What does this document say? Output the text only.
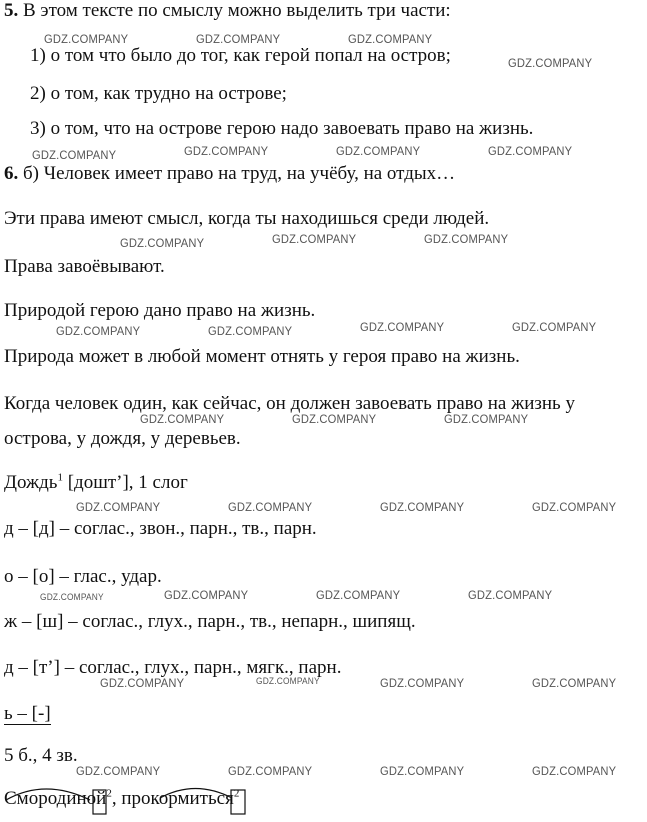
5. В этом тексте по смыслу можно выделить три части:
1) о том что было до тог, как герой попал на остров;
2) о том, как трудно на острове;
3) о том, что на острове герою надо завоевать право на жизнь.
6. б) Человек имеет право на труд, на учёбу, на отдых…
Эти права имеют смысл, когда ты находишься среди людей.
Права завоёвывают.
Природой герою дано право на жизнь.
Природа может в любой момент отнять у героя право на жизнь.
Когда человек один, как сейчас, он должен завоевать право на жизнь у
острова, у дождя, у деревьев.
Дождь$^1$ [дошт’], 1 слог
д – [д] – соглас., звон., парн., тв., парн.
о – [о] – глас., удар.
ж – [ш] – соглас., глух., парн., тв., непарн., шипящ.
д – [т’] – соглас., глух., парн., мягк., парн.
ь – [-]
5 б., 4 зв.
Смородиной$^2$, прокормиться$^2$
GDZ.COMPANY	GDZ.COMPANY	GDZ.COMPANY
GDZ.COMPANY
GDZ.COMPANY	GDZ.COMPANY	GDZ.COMPANY	GDZ.COMPANY
GDZ.COMPANY	GDZ.COMPANY	GDZ.COMPANY
GDZ.COMPANY	GDZ.COMPANY	GDZ.COMPANY	GDZ.COMPANY
GDZ.COMPANY	GDZ.COMPANY	GDZ.COMPANY
GDZ.COMPANY	GDZ.COMPANY	GDZ.COMPANY	GDZ.COMPANY
GDZ.COMPANY	GDZ.COMPANY	GDZ.COMPANY	GDZ.COMPANY
GDZ.COMPANY	GDZ.COMPANY	GDZ.COMPANY	GDZ.COMPANY
GDZ.COMPANY	GDZ.COMPANY	GDZ.COMPANY	GDZ.COMPANY
